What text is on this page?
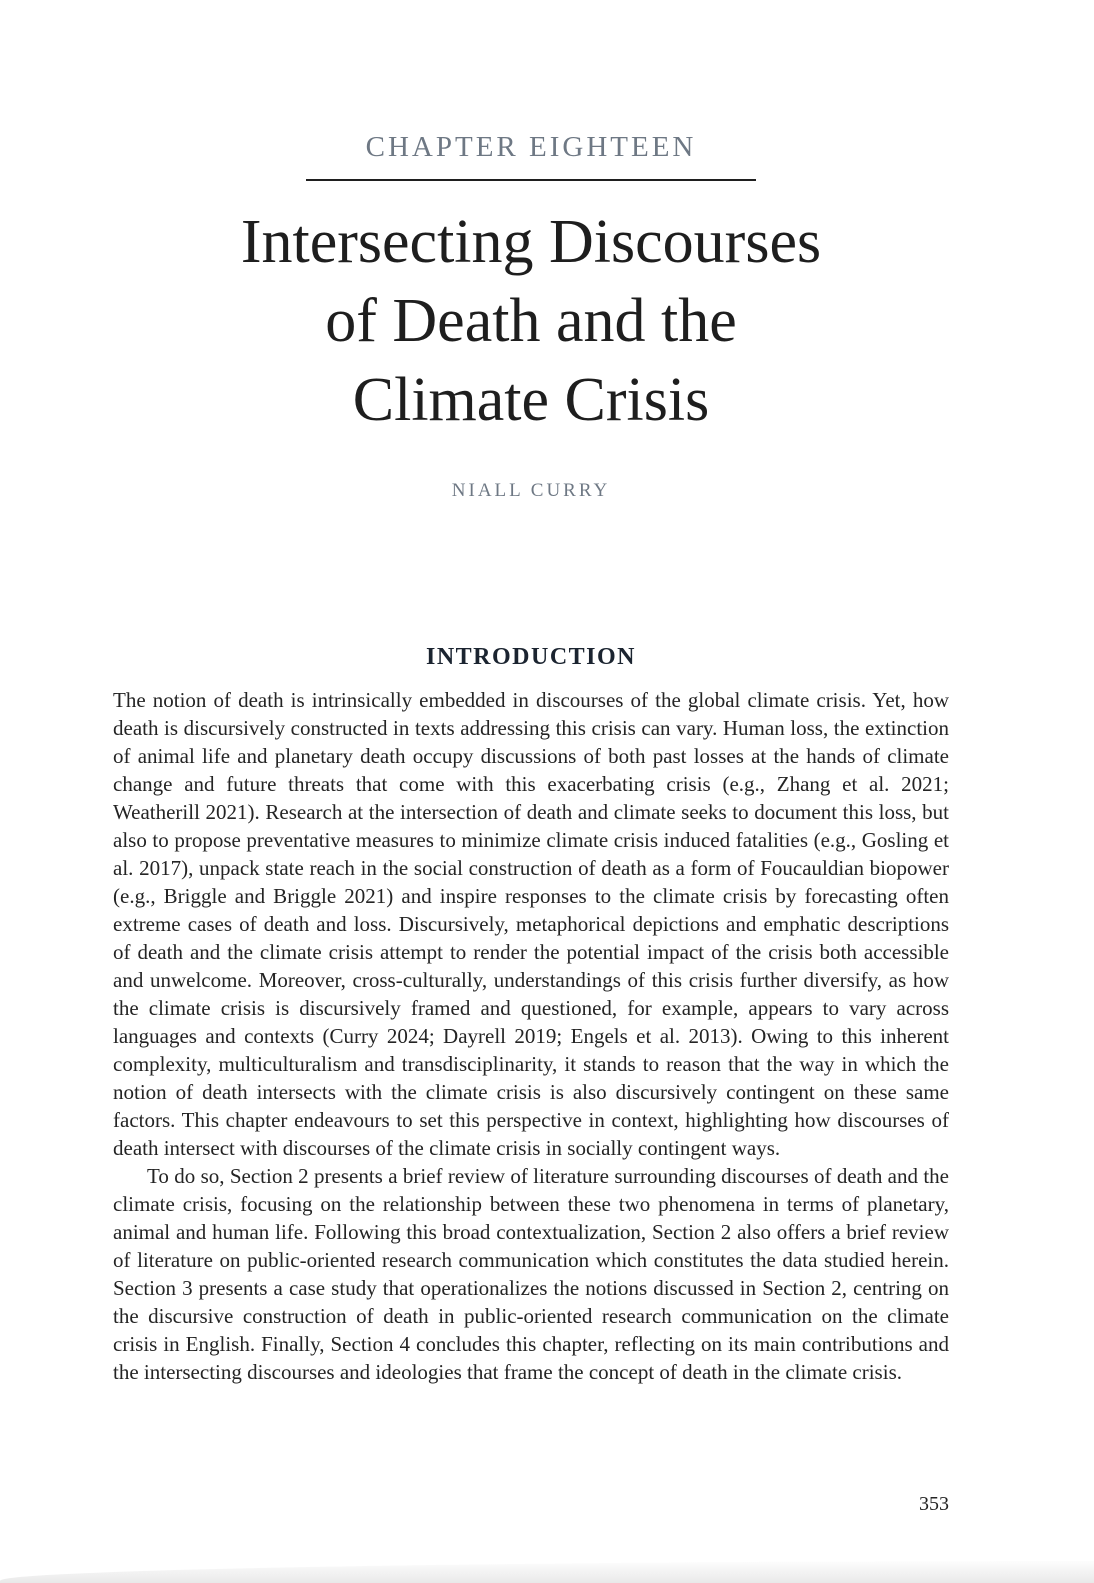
CHAPTER EIGHTEEN
Intersecting Discourses
of Death and the
Climate Crisis
NIALL CURRY
INTRODUCTION

The notion of death is intrinsically embedded in discourses of the global climate crisis. Yet, how death is discursively constructed in texts addressing this crisis can vary. Human loss, the extinction of animal life and planetary death occupy discussions of both past losses at the hands of climate change and future threats that come with this exacerbating crisis (e.g., Zhang et al. 2021; Weatherill 2021). Research at the intersection of death and climate seeks to document this loss, but also to propose preventative measures to minimize climate crisis induced fatalities (e.g., Gosling et al. 2017), unpack state reach in the social construction of death as a form of Foucauldian biopower (e.g., Briggle and Briggle 2021) and inspire responses to the climate crisis by forecasting often extreme cases of death and loss. Discursively, metaphorical depictions and emphatic descriptions of death and the climate crisis attempt to render the potential impact of the crisis both accessible and unwelcome. Moreover, cross-culturally, understandings of this crisis further diversify, as how the climate crisis is discursively framed and questioned, for example, appears to vary across languages and contexts (Curry 2024; Dayrell 2019; Engels et al. 2013). Owing to this inherent complexity, multiculturalism and transdisciplinarity, it stands to reason that the way in which the notion of death intersects with the climate crisis is also discursively contingent on these same factors. This chapter endeavours to set this perspective in context, highlighting how discourses of death intersect with discourses of the climate crisis in socially contingent ways.

To do so, Section 2 presents a brief review of literature surrounding discourses of death and the climate crisis, focusing on the relationship between these two phenomena in terms of planetary, animal and human life. Following this broad contextualization, Section 2 also offers a brief review of literature on public-oriented research communication which constitutes the data studied herein. Section 3 presents a case study that operationalizes the notions discussed in Section 2, centring on the discursive construction of death in public-oriented research communication on the climate crisis in English. Finally, Section 4 concludes this chapter, reflecting on its main contributions and the intersecting discourses and ideologies that frame the concept of death in the climate crisis.

353
